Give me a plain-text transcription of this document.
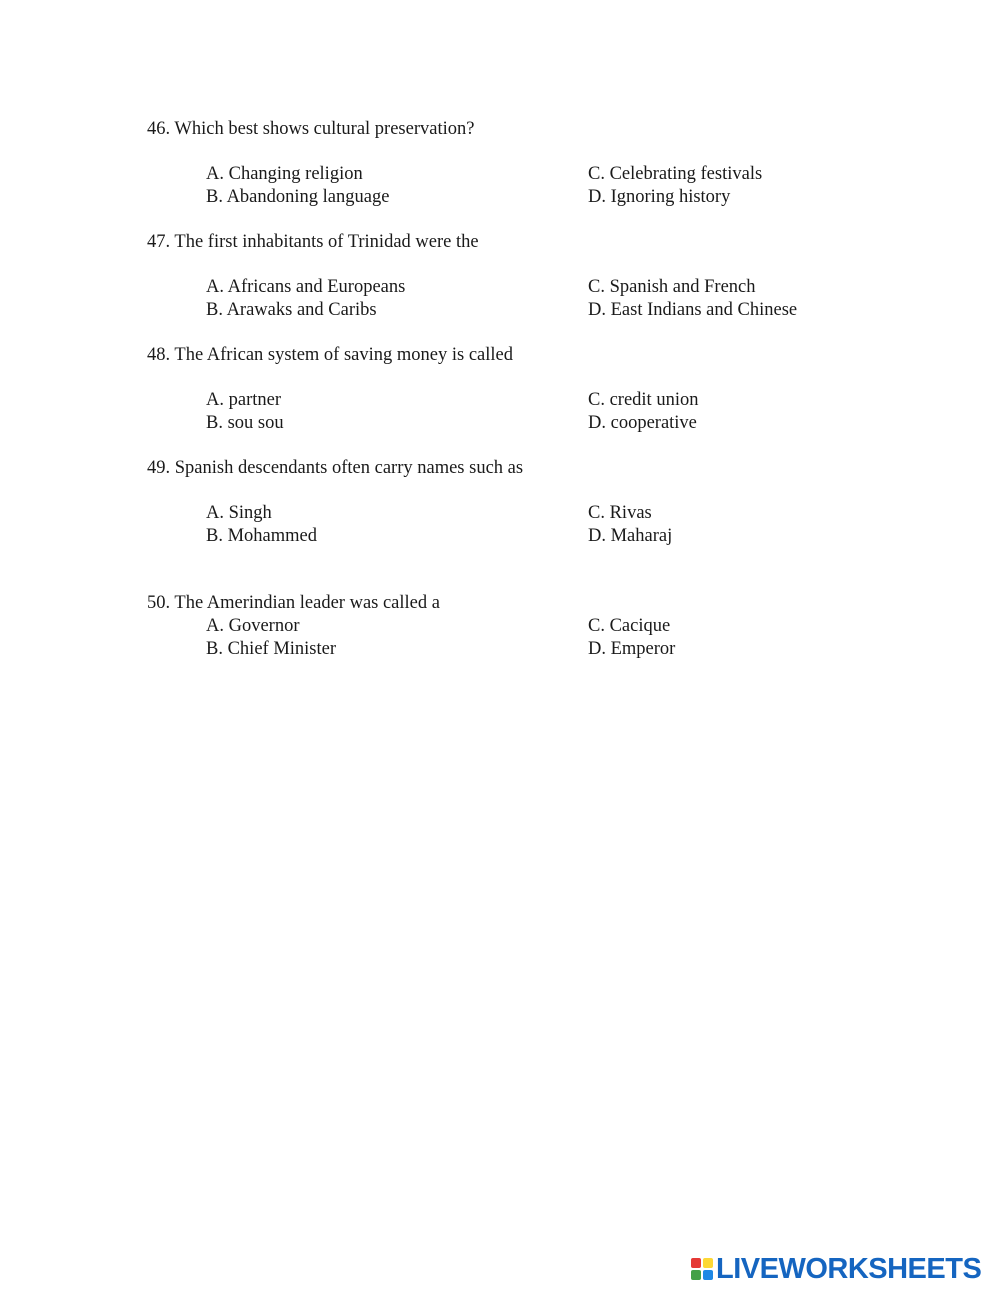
46. Which best shows cultural preservation?
A. Changing religion
B. Abandoning language
C. Celebrating festivals
D. Ignoring history
47. The first inhabitants of Trinidad were the
A. Africans and Europeans
B. Arawaks and Caribs
C. Spanish and French
D. East Indians and Chinese
48. The African system of saving money is called
A. partner
B. sou sou
C. credit union
D. cooperative
49. Spanish descendants often carry names such as
A. Singh
B. Mohammed
C. Rivas
D. Maharaj
50. The Amerindian leader was called a
A. Governor
B. Chief Minister
C. Cacique
D. Emperor
LIVEWORKSHEETS
